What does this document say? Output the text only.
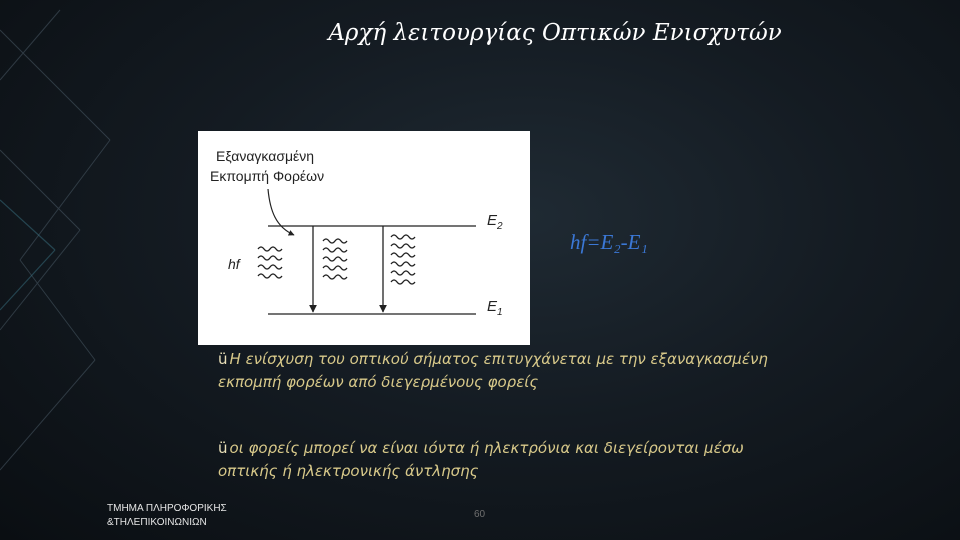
Αρχή λειτουργίας Οπτικών Ενισχυτών
Εξαναγκασμένη
Εκπομπή Φορέων
hf
$E_2$
$E_1$
hf=E₂-E₁
ü Η ενίσχυση του οπτικού σήματος επιτυγχάνεται με την εξαναγκασμένη εκπομπή φορέων από διεγερμένους φορείς
ü οι φορείς μπορεί να είναι ιόντα ή ηλεκτρόνια και διεγείρονται μέσω οπτικής ή ηλεκτρονικής άντλησης
ΤΜΗΜΑ ΠΛΗΡΟΦΟΡΙΚΗΣ
&ΤΗΛΕΠΙΚΟΙΝΩΝΙΩΝ
60
